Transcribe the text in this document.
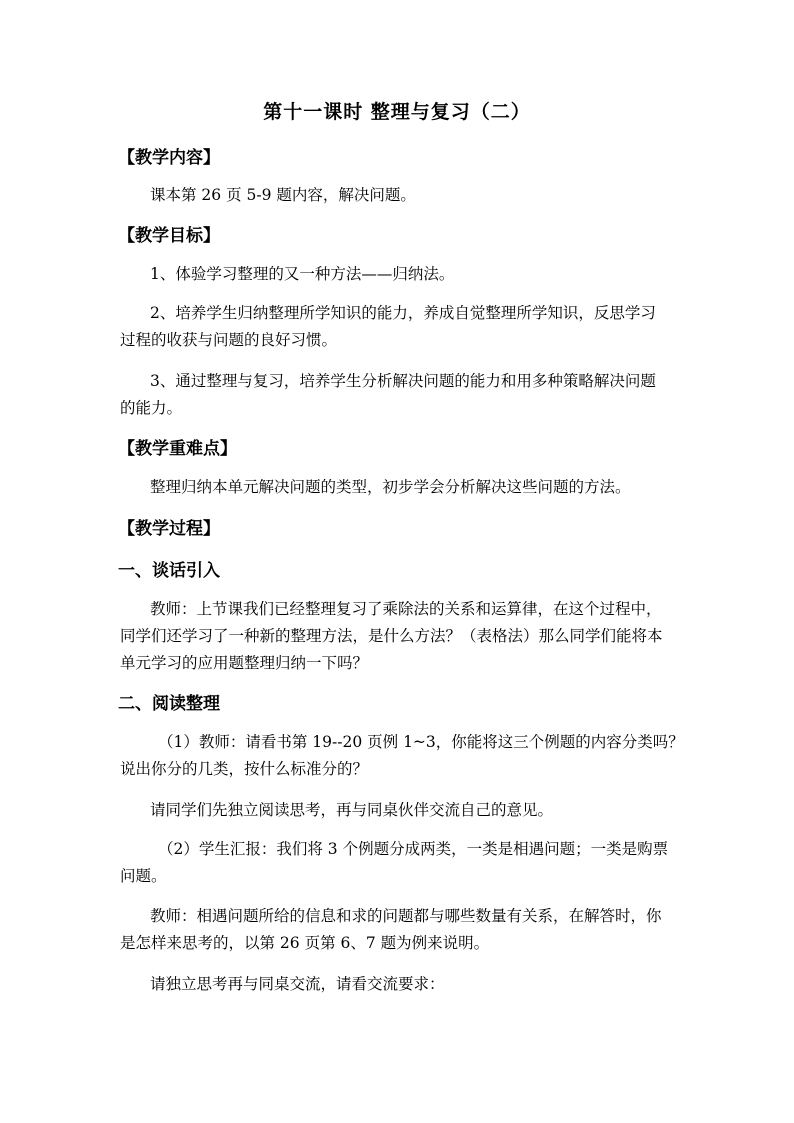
第十一课时 整理与复习（二）
【教学内容】
课本第 26 页 5-9 题内容，解决问题。
【教学目标】
1、体验学习整理的又一种方法——归纳法。
2、培养学生归纳整理所学知识的能力，养成自觉整理所学知识，反思学习
过程的收获与问题的良好习惯。
3、通过整理与复习，培养学生分析解决问题的能力和用多种策略解决问题
的能力。
【教学重难点】
整理归纳本单元解决问题的类型，初步学会分析解决这些问题的方法。
【教学过程】
一、谈话引入
教师：上节课我们已经整理复习了乘除法的关系和运算律，在这个过程中，
同学们还学习了一种新的整理方法，是什么方法？（表格法）那么同学们能将本
单元学习的应用题整理归纳一下吗？
二、阅读整理
（1）教师：请看书第 19--20 页例 1~3，你能将这三个例题的内容分类吗？
说出你分的几类，按什么标准分的？
请同学们先独立阅读思考，再与同桌伙伴交流自己的意见。
（2）学生汇报：我们将 3 个例题分成两类，一类是相遇问题；一类是购票
问题。
教师：相遇问题所给的信息和求的问题都与哪些数量有关系，在解答时，你
是怎样来思考的，以第 26 页第 6、7 题为例来说明。
请独立思考再与同桌交流，请看交流要求：
